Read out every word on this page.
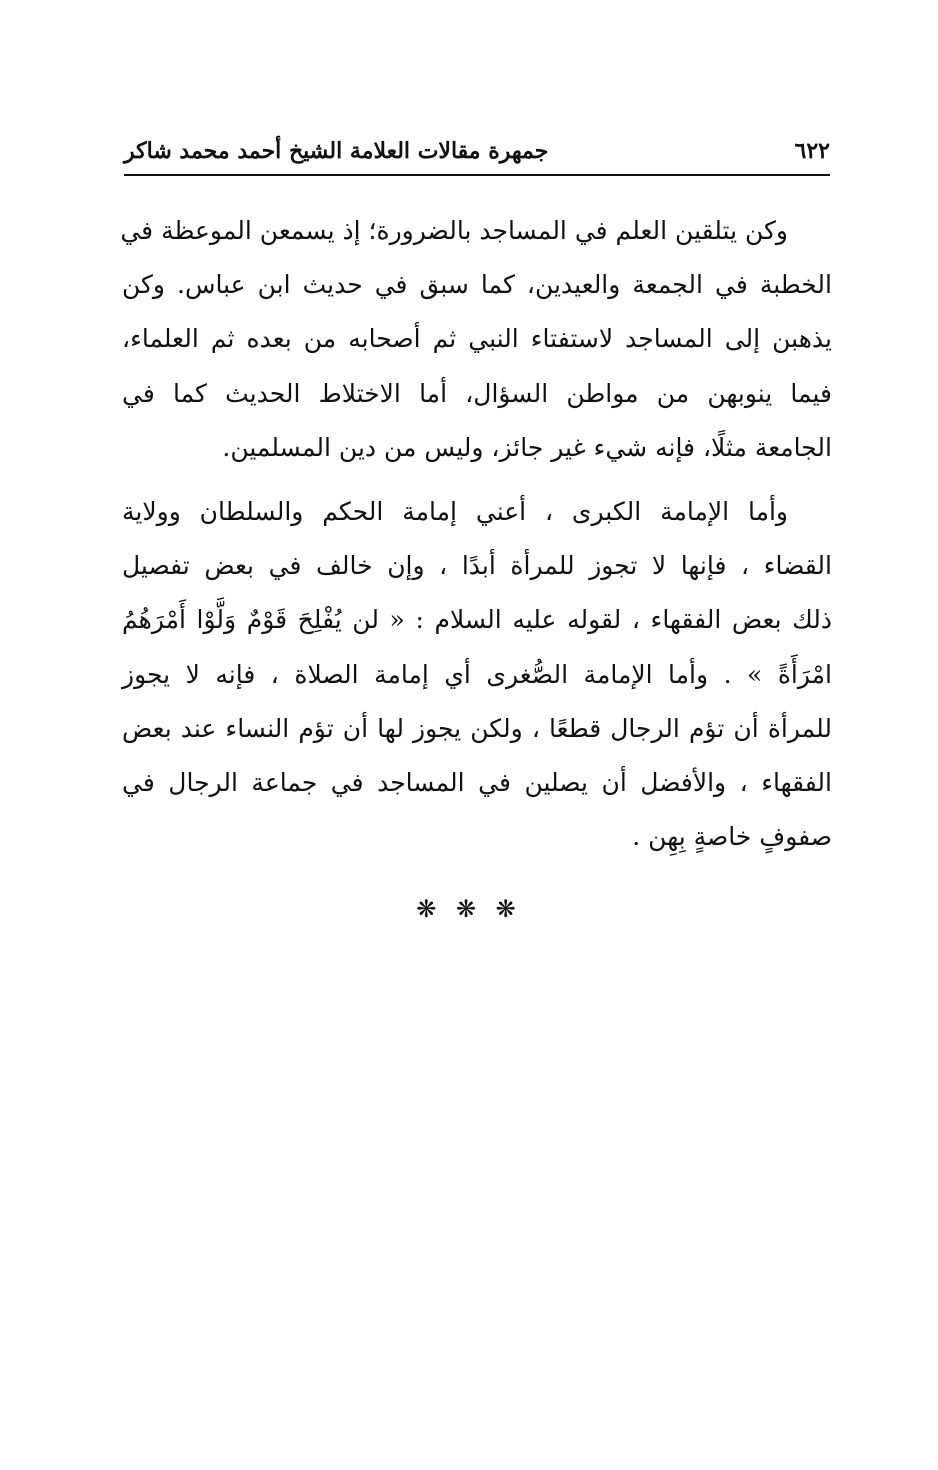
جمهرة مقالات العلامة الشيخ أحمد محمد شاكر	٦٢٢
وكن يتلقين العلم في المساجد بالضرورة؛ إذ يسمعن الموعظة في
الخطبة في الجمعة والعيدين، كما سبق في حديث ابن عباس. وكن
يذهبن إلى المساجد لاستفتاء النبي ثم أصحابه من بعده ثم العلماء،
فيما ينوبهن من مواطن السؤال، أما الاختلاط الحديث كما في
الجامعة مثلًا، فإنه شيء غير جائز، وليس من دين المسلمين.
وأما الإمامة الكبرى ، أعني إمامة الحكم والسلطان وولاية
القضاء ، فإنها لا تجوز للمرأة أبدًا ، وإن خالف في بعض تفصيل
ذلك بعض الفقهاء ، لقوله عليه السلام : « لن يُفْلِحَ قَوْمٌ وَلَّوْا أَمْرَهُمُ
امْرَأَةً » . وأما الإمامة الصُّغرى أي إمامة الصلاة ، فإنه لا يجوز
للمرأة أن تؤم الرجال قطعًا ، ولكن يجوز لها أن تؤم النساء عند بعض
الفقهاء ، والأفضل أن يصلين في المساجد في جماعة الرجال في
صفوفٍ خاصةٍ بِهِن .
❋ ❋ ❋
